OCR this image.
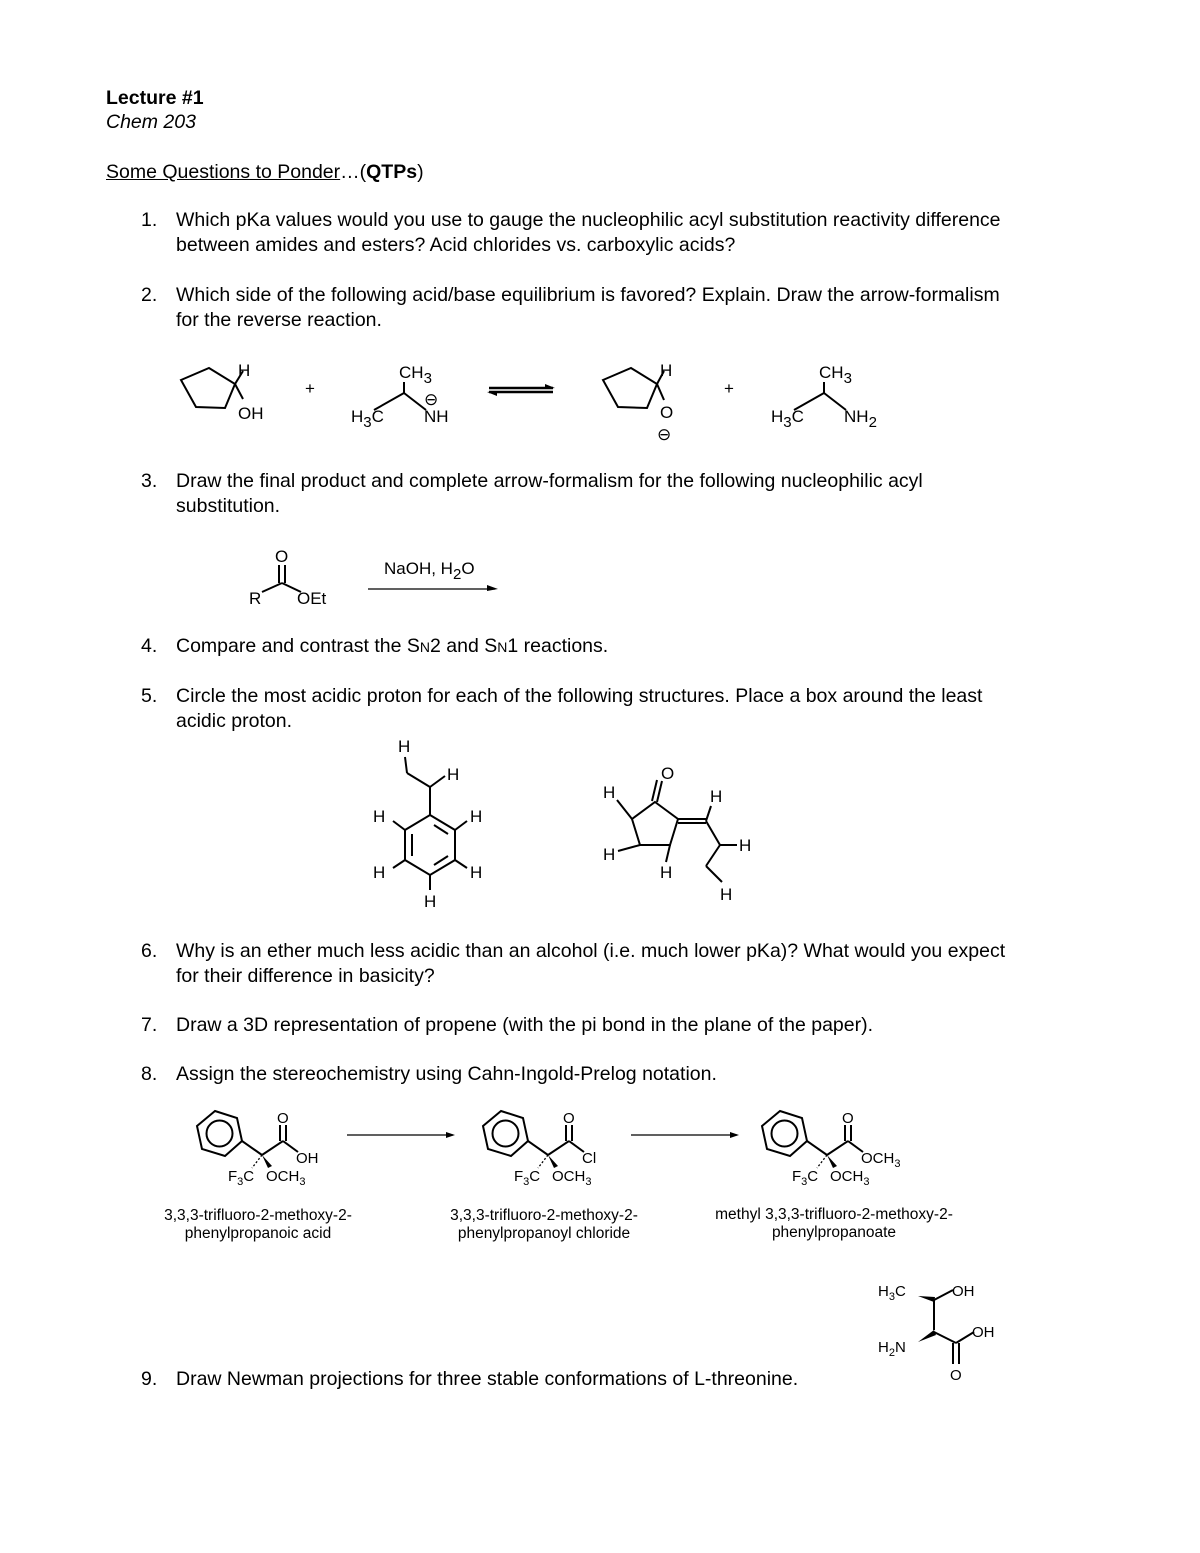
Lecture #1
Chem 203
Some Questions to Ponder…(QTPs)
1. Which pKa values would you use to gauge the nucleophilic acyl substitution reactivity difference between amides and esters? Acid chlorides vs. carboxylic acids?
2. Which side of the following acid/base equilibrium is favored? Explain. Draw the arrow-formalism for the reverse reaction.
3. Draw the final product and complete arrow-formalism for the following nucleophilic acyl substitution.
4. Compare and contrast the SN2 and SN1 reactions.
5. Circle the most acidic proton for each of the following structures. Place a box around the least acidic proton.
6. Why is an ether much less acidic than an alcohol (i.e. much lower pKa)? What would you expect for their difference in basicity?
7. Draw a 3D representation of propene (with the pi bond in the plane of the paper).
8. Assign the stereochemistry using Cahn-Ingold-Prelog notation.
9. Draw Newman projections for three stable conformations of L-threonine.
H
OH
+
CH3
H3C NH
⊖
H
O
⊖
+
CH3
H3C NH2
O
R OEt
NaOH, H2O
H
H
H	H
H	H
H
O
H
H
H
H
H
H
O
OH
$F_3C$ $OCH_3$
3,3,3-trifluoro-2-methoxy-2-
phenylpropanoic acid
O
Cl
$F_3C$ $OCH_3$
3,3,3-trifluoro-2-methoxy-2-
phenylpropanoyl chloride
O
$OCH_3$
$F_3C$ $OCH_3$
methyl 3,3,3-trifluoro-2-methoxy-2-
phenylpropanoate
$H_3C$	OH
$H_2N$
OH
O
